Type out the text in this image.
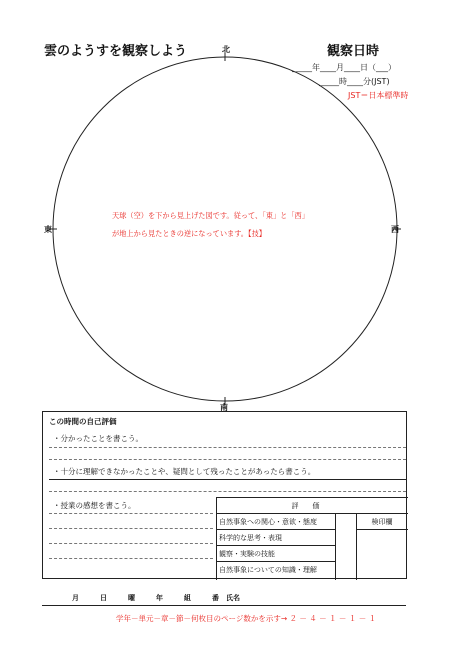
雲のようすを観察しよう	観察日時
_____年____月____日（___）
_____時____分(JST)
JST＝日本標準時
北
南
東	西
天球（空）を下から見上げた図です。従って、「東」と「西」
が地上から見たときの逆になっています。【技】
この時間の自己評価
・分かったことを書こう。
・十分に理解できなかったことや、疑問として残ったことがあったら書こう。
・授業の感想を書こう。	評価
自然事象への関心・意欲・態度
科学的な思考・表現
観察・実験の技能
自然事象についての知識・理解
検印欄
月　　　日　　　曜　　　年　　　組　　　番　氏名
学年－単元－章－節－何枚目のページ数かを示す→ ２ － ４ － １ － １ － １
